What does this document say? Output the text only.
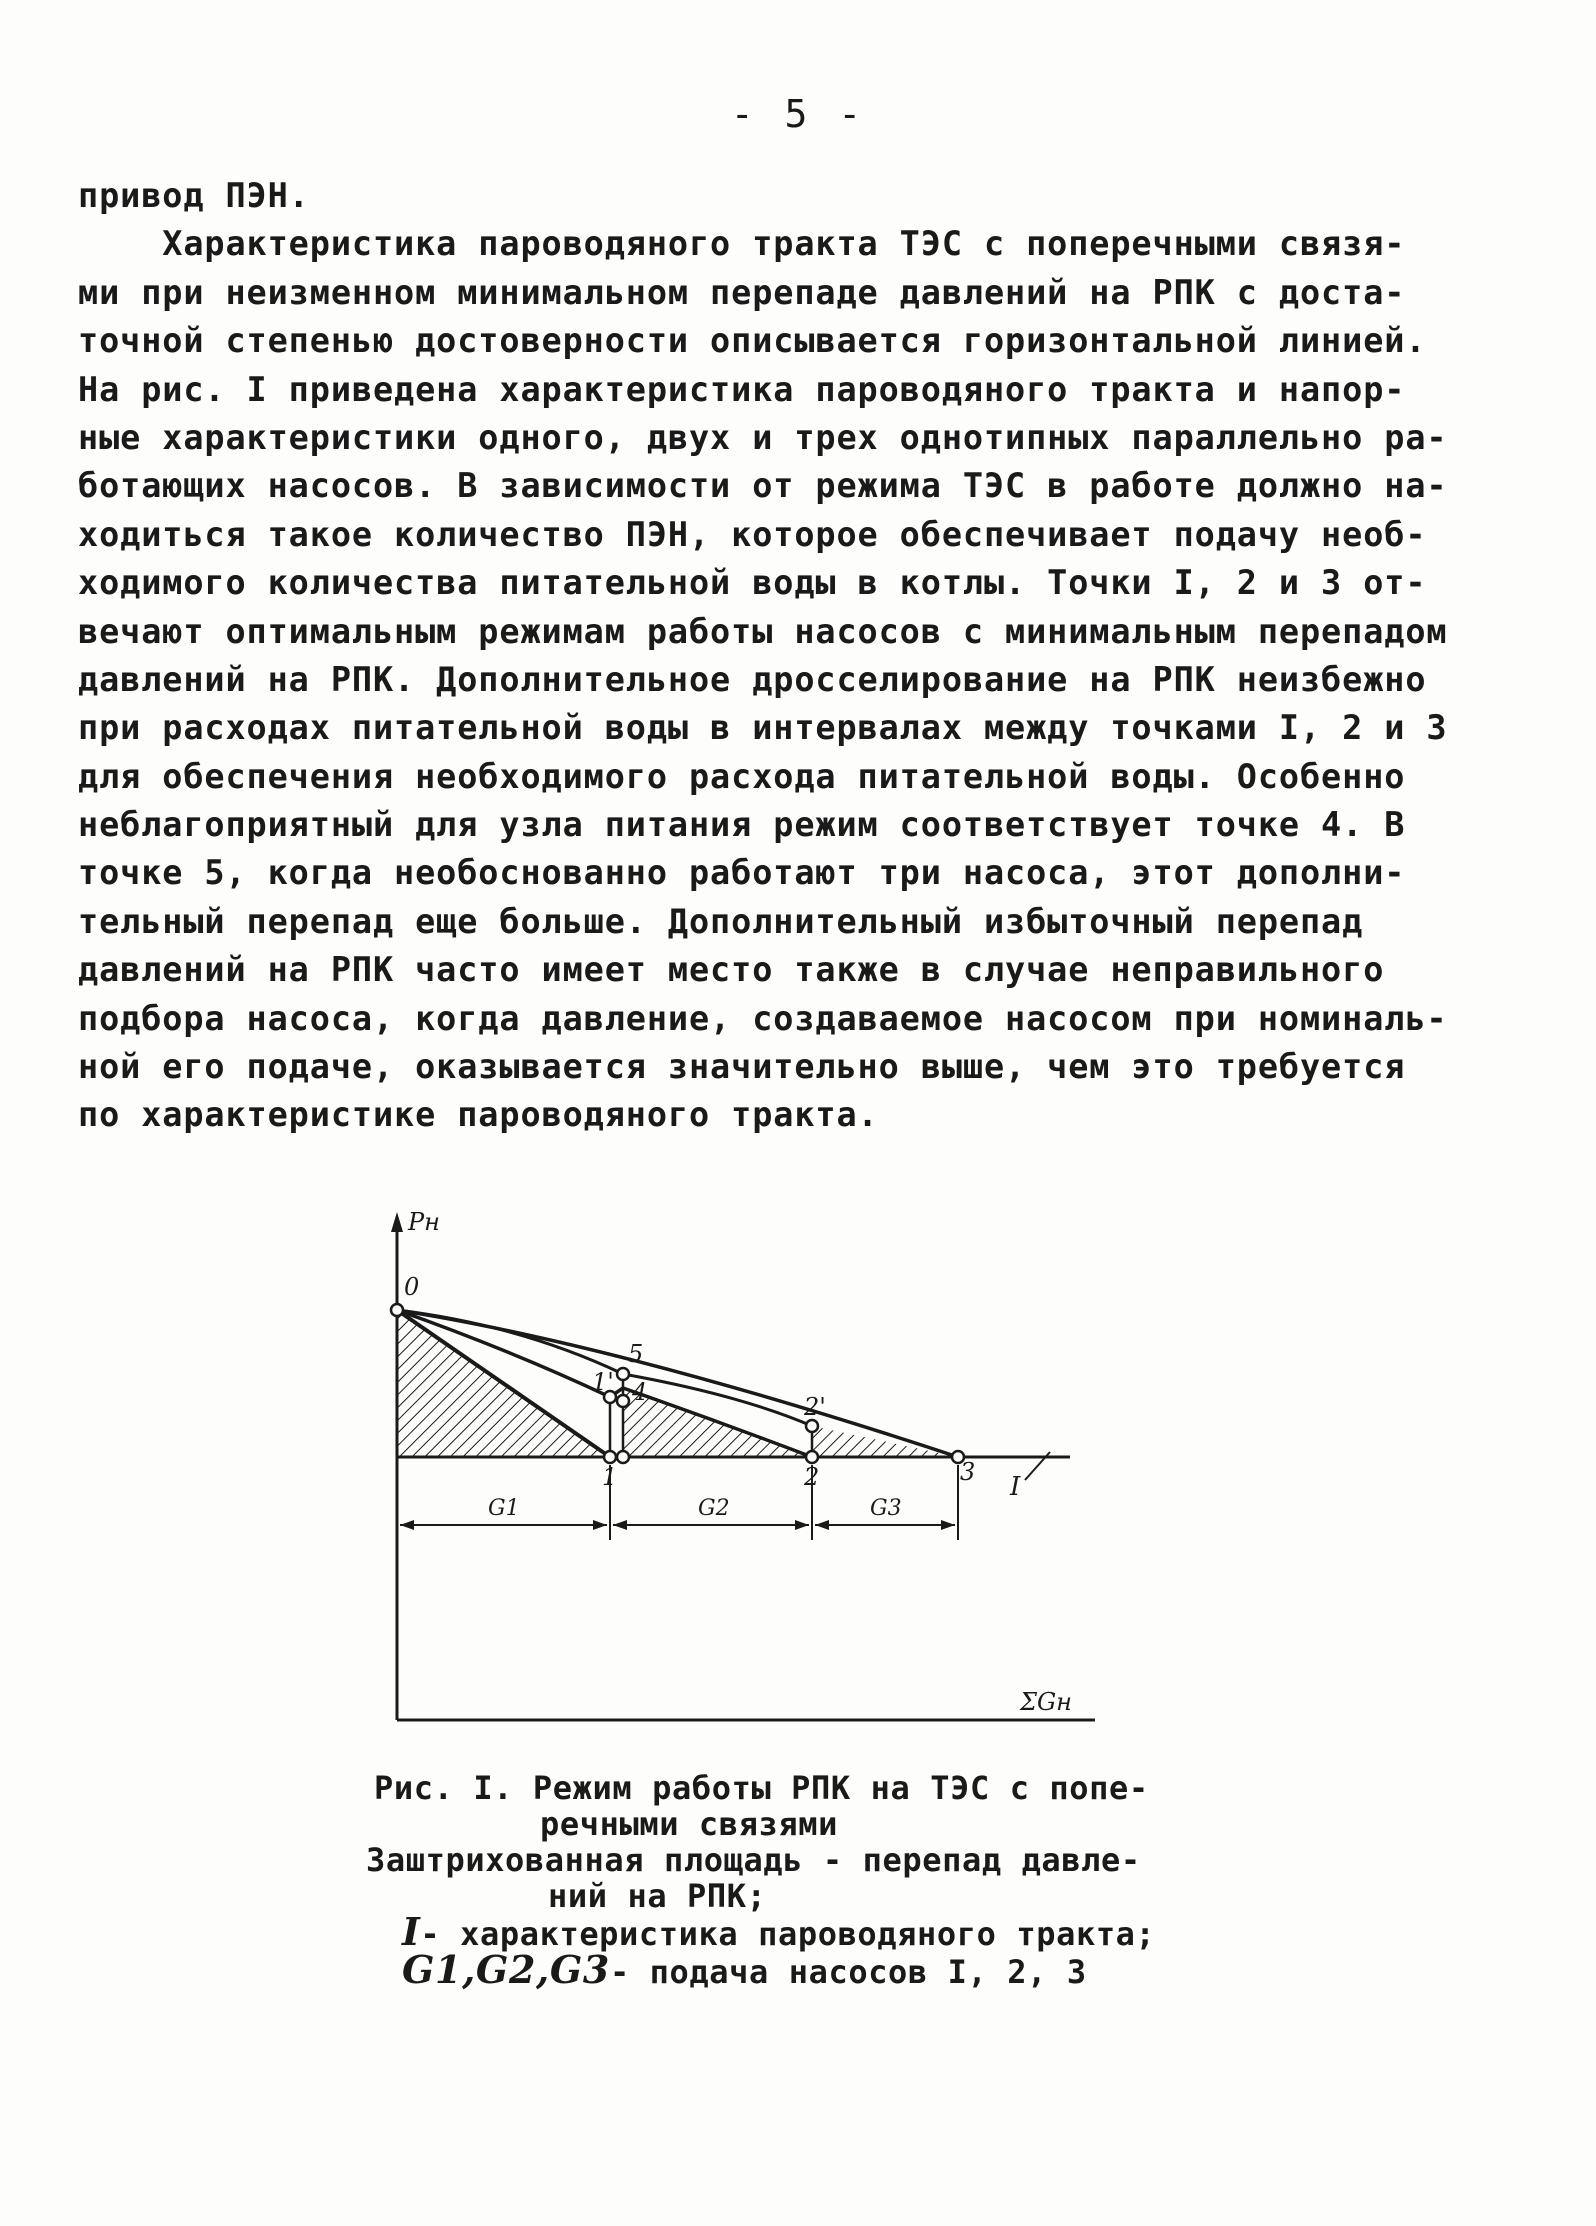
- 5 -
привод ПЭН.
Характеристика пароводяного тракта ТЭС с поперечными связя-
ми при неизменном минимальном перепаде давлений на РПК с доста-
точной степенью достоверности описывается горизонтальной линией.
На рис. I приведена характеристика пароводяного тракта и напор-
ные характеристики одного, двух и трех однотипных параллельно ра-
ботающих насосов. В зависимости от режима ТЭС в работе должно на-
ходиться такое количество ПЭН, которое обеспечивает подачу необ-
ходимого количества питательной воды в котлы. Точки I, 2 и 3 от-
вечают оптимальным режимам работы насосов с минимальным перепадом
давлений на РПК. Дополнительное дросселирование на РПК неизбежно
при расходах питательной воды в интервалах между точками I, 2 и 3
для обеспечения необходимого расхода питательной воды. Особенно
неблагоприятный для узла питания режим соответствует точке 4. В
точке 5, когда необоснованно работают три насоса, этот дополни-
тельный перепад еще больше. Дополнительный избыточный перепад
давлений на РПК часто имеет место также в случае неправильного
подбора насоса, когда давление, создаваемое насосом при номиналь-
ной его подаче, оказывается значительно выше, чем это требуется
по характеристике пароводяного тракта.
Pн
ΣGн
0
5
1' 4
2'
1	2	3 I
G1	G2	G3
Рис. I. Режим работы РПК на ТЭС с попе-
речными связями
Заштрихованная площадь - перепад давле-
ний на РПК;
I- характеристика пароводяного тракта;
G1,G2,G3- подача насосов I, 2, 3
